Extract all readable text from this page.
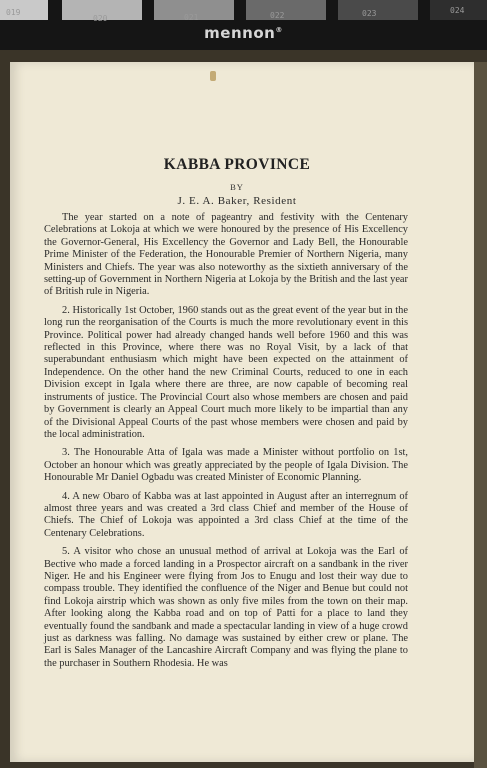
019
020	021	022	023	024
mennon®
KABBA PROVINCE
BY
J. E. A. Baker, Resident

The year started on a note of pageantry and festivity with the Centenary Celebrations at Lokoja at which we were honoured by the presence of His Excellency the Governor-General, His Excellency the Governor and Lady Bell, the Honourable Prime Minister of the Federation, the Honourable Premier of Northern Nigeria, many Ministers and Chiefs. The year was also noteworthy as the sixtieth anniversary of the setting-up of Government in Northern Nigeria at Lokoja by the British and the last year of British rule in Nigeria.

2. Historically 1st October, 1960 stands out as the great event of the year but in the long run the reorganisation of the Courts is much the more revolutionary event in this Province. Political power had already changed hands well before 1960 and this was reflected in this Province, where there was no Royal Visit, by a lack of that superabundant enthusiasm which might have been expected on the attainment of Independence. On the other hand the new Criminal Courts, reduced to one in each Division except in Igala where there are three, are now capable of becoming real instruments of justice. The Provincial Court also whose members are chosen and paid by Government is clearly an Appeal Court much more likely to be impartial than any of the Divisional Appeal Courts of the past whose members were chosen and paid by the local administration.

3. The Honourable Atta of Igala was made a Minister without portfolio on 1st, October an honour which was greatly appreciated by the people of Igala Division. The Honourable Mr Daniel Ogbadu was created Minister of Economic Planning.

4. A new Obaro of Kabba was at last appointed in August after an interregnum of almost three years and was created a 3rd class Chief and member of the House of Chiefs. The Chief of Lokoja was appointed a 3rd class Chief at the time of the Centenary Celebrations.

5. A visitor who chose an unusual method of arrival at Lokoja was the Earl of Bective who made a forced landing in a Prospector aircraft on a sandbank in the river Niger. He and his Engineer were flying from Jos to Enugu and lost their way due to compass trouble. They identified the confluence of the Niger and Benue but could not find Lokoja airstrip which was shown as only five miles from the town on their map. After looking along the Kabba road and on top of Patti for a place to land they eventually found the sandbank and made a spectacular landing in view of a huge crowd just as darkness was falling. No damage was sustained by either crew or plane. The Earl is Sales Manager of the Lancashire Aircraft Company and was flying the plane to the purchaser in Southern Rhodesia. He was
